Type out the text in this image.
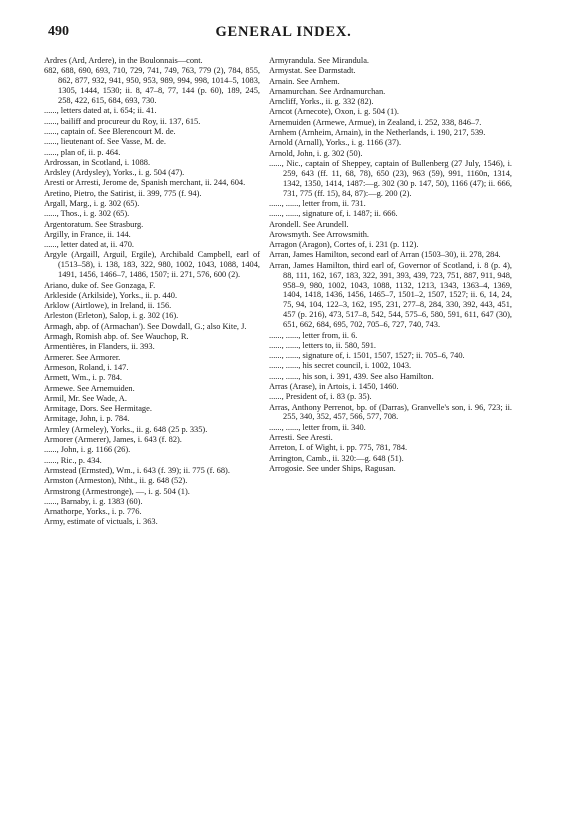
490	GENERAL INDEX.
Ardres (Ard, Ardere), in the Boulonnais—cont.
682, 688, 690, 693, 710, 729, 741, 749, 763, 779 (2), 784, 855, 862, 877, 932, 941, 950, 953, 989, 994, 998, 1014–5, 1083, 1305, 1444, 1530; ii. 8, 47–8, 77, 144 (p. 60), 189, 245, 258, 422, 615, 684, 693, 730.
......, letters dated at, i. 654; ii. 41.
......, bailiff and procureur du Roy, ii. 137, 615.
......, captain of. See Blerencourt M. de.
......, lieutenant of. See Vasse, M. de.
......, plan of, ii. p. 464.
Ardrossan, in Scotland, i. 1088.
Ardsley (Ardysley), Yorks., i. g. 504 (47).
Aresti or Arresti, Jerome de, Spanish merchant, ii. 244, 604.
Aretino, Pietro, the Satirist, ii. 399, 775 (f. 94).
Argall, Marg., i. g. 302 (65).
......, Thos., i. g. 302 (65).
Argentoratum. See Strasburg.
Argilly, in France, ii. 144.
......, letter dated at, ii. 470.
Argyle (Argaill, Arguil, Ergile), Archibald Campbell, earl of (1513–58), i. 138, 183, 322, 980, 1002, 1043, 1088, 1404, 1491, 1456, 1466–7, 1486, 1507; ii. 271, 576, 600 (2).
Ariano, duke of. See Gonzaga, F.
Arkleside (Arkilside), Yorks., ii. p. 440.
Arklow (Airtlowe), in Ireland, ii. 156.
Arleston (Erleton), Salop, i. g. 302 (16).
Armagh, abp. of (Armachan'). See Dowdall, G.; also Kite, J.
Armagh, Romish abp. of. See Wauchop, R.
Armentières, in Flanders, ii. 393.
Armerer. See Armorer.
Armeson, Roland, i. 147.
Armett, Wm., i. p. 784.
Armewe. See Arnemuiden.
Armil, Mr. See Wade, A.
Armitage, Dors. See Hermitage.
Armitage, John, i. p. 784.
Armley (Armeley), Yorks., ii. g. 648 (25 p. 335).
Armorer (Armerer), James, i. 643 (f. 82).
......, John, i. g. 1166 (26).
......, Ric., p. 434.
Armstead (Ermsted), Wm., i. 643 (f. 39); ii. 775 (f. 68).
Armston (Armeston), Ntht., ii. g. 648 (52).
Armstrong (Armestronge), —, i. g. 504 (1).
......, Barnaby, i. g. 1383 (60).
Arnathorpe, Yorks., i. p. 776.
Army, estimate of victuals, i. 363.
Armyrandula. See Mirandula.
Armystat. See Darmstadt.
Arnain. See Arnhem.
Arnamurchan. See Ardnamurchan.
Arncliff, Yorks., ii. g. 332 (82).
Arncot (Arnecote), Oxon, i. g. 504 (1).
Arnemuiden (Armewe, Armue), in Zealand, i. 252, 338, 846–7.
Arnhem (Arnheim, Arnain), in the Netherlands, i. 190, 217, 539.
Arnold (Arnall), Yorks., i. g. 1166 (37).
Arnold, John, i. g. 302 (50).
......, Nic., captain of Sheppey, captain of Bullenberg (27 July, 1546), i. 259, 643 (ff. 11, 68, 78), 650 (23), 963 (59), 991, 1160n, 1314, 1342, 1350, 1414, 1487:—g. 302 (30 p. 147, 50), 1166 (47); ii. 666, 731, 775 (ff. 15), 84, 87):—g. 200 (2).
......, ......, letter from, ii. 731.
......, ......, signature of, i. 1487; ii. 666.
Arondell. See Arundell.
Arowsmyth. See Arrowsmith.
Arragon (Aragon), Cortes of, i. 231 (p. 112).
Arran, James Hamilton, second earl of Arran (1503–30), ii. 278, 284.
Arran, James Hamilton, third earl of, Governor of Scotland, i. 8 (p. 4), 88, 111, 162, 167, 183, 322, 391, 393, 439, 723, 751, 887, 911, 948, 958–9, 980, 1002, 1043, 1088, 1132, 1213, 1343, 1363–4, 1369, 1404, 1418, 1436, 1456, 1465–7, 1501–2, 1507, 1527; ii. 6, 14, 24, 75, 94, 104, 122–3, 162, 195, 231, 277–8, 284, 330, 392, 443, 451, 457 (p. 216), 473, 517–8, 542, 544, 575–6, 580, 591, 611, 647 (30), 651, 662, 684, 695, 702, 705–6, 727, 740, 743.
......, ......, letter from, ii. 6.
......, ......, letters to, ii. 580, 591.
......, ......, signature of, i. 1501, 1507, 1527; ii. 705–6, 740.
......, ......, his secret council, i. 1002, 1043.
......, ......, his son, i. 391, 439. See also Hamilton.
Arras (Arase), in Artois, i. 1450, 1460.
......, President of, i. 83 (p. 35).
Arras, Anthony Perrenot, bp. of (Darras), Granvelle's son, i. 96, 723; ii. 255, 340, 352, 457, 566, 577, 708.
......, ......, letter from, ii. 340.
Arresti. See Aresti.
Arreton, I. of Wight, i. pp. 775, 781, 784.
Arrington, Camb., ii. 320:—g. 648 (51).
Arrogosie. See under Ships, Ragusan.
